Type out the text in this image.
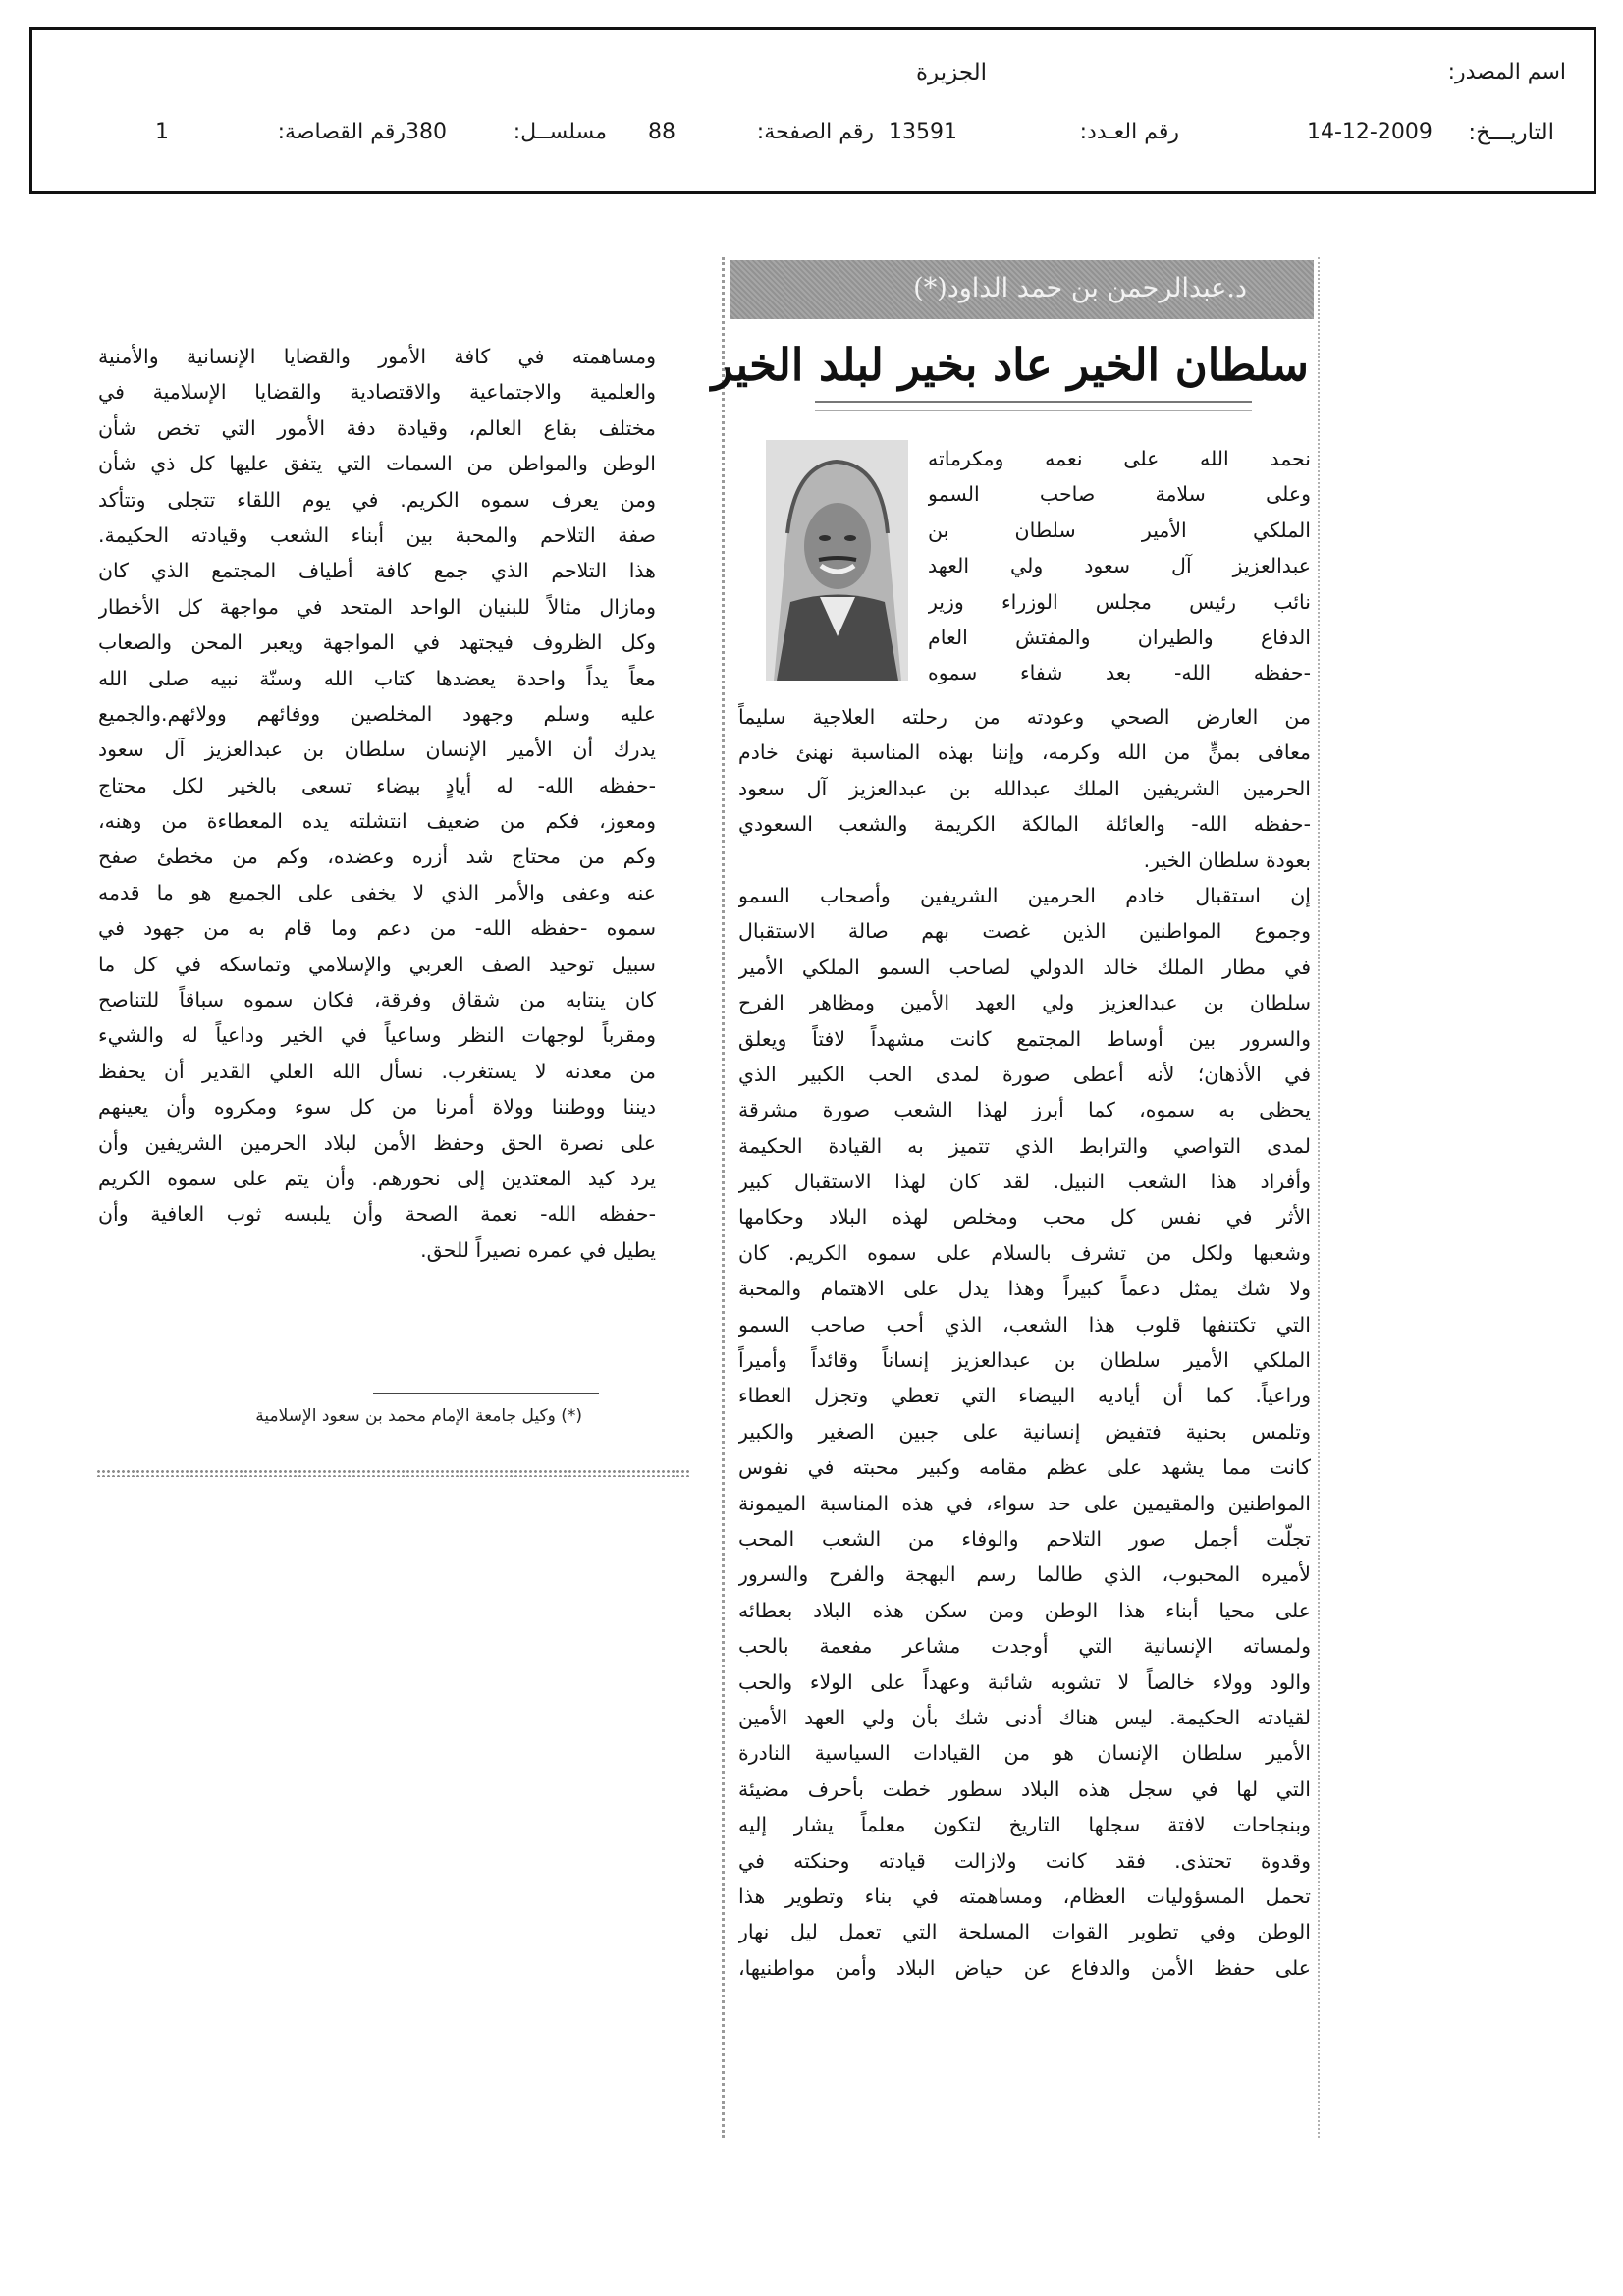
اسم المصدر:
الجزيرة
التاريـــخ:
14-12-2009
رقم العـدد:
13591
رقم الصفحة:
88
مسلســل:
380
رقم القصاصة:
1
د.عبدالرحمن بن حمد الداود(*)
سلطان الخير عاد بخير لبلد الخير
نحمد الله على نعمه ومكرماته
وعلى سلامة صاحب السمو
الملكي الأمير سلطان بن
عبدالعزيز آل سعود ولي العهد
نائب رئيس مجلس الوزراء وزير
الدفاع والطيران والمفتش العام
-حفظه الله- بعد شفاء سموه
من العارض الصحي وعودته من رحلته العلاجية سليماً
معافى بمنٍّ من الله وكرمه، وإننا بهذه المناسبة نهنئ خادم
الحرمين الشريفين الملك عبدالله بن عبدالعزيز آل سعود
-حفظه الله- والعائلة المالكة الكريمة والشعب السعودي
بعودة سلطان الخير.
إن استقبال خادم الحرمين الشريفين وأصحاب السمو
وجموع المواطنين الذين غصت بهم صالة الاستقبال
في مطار الملك خالد الدولي لصاحب السمو الملكي الأمير
سلطان بن عبدالعزيز ولي العهد الأمين ومظاهر الفرح
والسرور بين أوساط المجتمع كانت مشهداً لافتاً ويعلق
في الأذهان؛ لأنه أعطى صورة لمدى الحب الكبير الذي
يحظى به سموه، كما أبرز لهذا الشعب صورة مشرقة
لمدى التواصي والترابط الذي تتميز به القيادة الحكيمة
وأفراد هذا الشعب النبيل. لقد كان لهذا الاستقبال كبير
الأثر في نفس كل محب ومخلص لهذه البلاد وحكامها
وشعبها ولكل من تشرف بالسلام على سموه الكريم. كان
ولا شك يمثل دعماً كبيراً وهذا يدل على الاهتمام والمحبة
التي تكتنفها قلوب هذا الشعب، الذي أحب صاحب السمو
الملكي الأمير سلطان بن عبدالعزيز إنساناً وقائداً وأميراً
وراعياً. كما أن أياديه البيضاء التي تعطي وتجزل العطاء
وتلمس بحنية فتفيض إنسانية على جبين الصغير والكبير
كانت مما يشهد على عظم مقامه وكبير محبته في نفوس
المواطنين والمقيمين على حد سواء، في هذه المناسبة الميمونة
تجلّت أجمل صور التلاحم والوفاء من الشعب المحب
لأميره المحبوب، الذي طالما رسم البهجة والفرح والسرور
على محيا أبناء هذا الوطن ومن سكن هذه البلاد بعطائه
ولمساته الإنسانية التي أوجدت مشاعر مفعمة بالحب
والود وولاء خالصاً لا تشوبه شائبة وعهداً على الولاء والحب
لقيادته الحكيمة. ليس هناك أدنى شك بأن ولي العهد الأمين
الأمير سلطان الإنسان هو من القيادات السياسية النادرة
التي لها في سجل هذه البلاد سطور خطت بأحرف مضيئة
وبنجاحات لافتة سجلها التاريخ لتكون معلماً يشار إليه
وقدوة تحتذى. فقد كانت ولازالت قيادته وحنكته في
تحمل المسؤوليات العظام، ومساهمته في بناء وتطوير هذا
الوطن وفي تطوير القوات المسلحة التي تعمل ليل نهار
على حفظ الأمن والدفاع عن حياض البلاد وأمن مواطنيها،
ومساهمته في كافة الأمور والقضايا الإنسانية والأمنية
والعلمية والاجتماعية والاقتصادية والقضايا الإسلامية في
مختلف بقاع العالم، وقيادة دفة الأمور التي تخص شأن
الوطن والمواطن من السمات التي يتفق عليها كل ذي شأن
ومن يعرف سموه الكريم. في يوم اللقاء تتجلى وتتأكد
صفة التلاحم والمحبة بين أبناء الشعب وقيادته الحكيمة.
هذا التلاحم الذي جمع كافة أطياف المجتمع الذي كان
ومازال مثالاً للبنيان الواحد المتحد في مواجهة كل الأخطار
وكل الظروف فيجتهد في المواجهة ويعبر المحن والصعاب
معاً يداً واحدة يعضدها كتاب الله وسنّة نبيه صلى الله
عليه وسلم وجهود المخلصين ووفائهم وولائهم.والجميع
يدرك أن الأمير الإنسان سلطان بن عبدالعزيز آل سعود
-حفظه الله- له أيادٍ بيضاء تسعى بالخير لكل محتاج
ومعوز، فكم من ضعيف انتشلته يده المعطاءة من وهنه،
وكم من محتاج شد أزره وعضده، وكم من مخطئ صفح
عنه وعفى والأمر الذي لا يخفى على الجميع هو ما قدمه
سموه -حفظه الله- من دعم وما قام به من جهود في
سبيل توحيد الصف العربي والإسلامي وتماسكه في كل ما
كان ينتابه من شقاق وفرقة، فكان سموه سباقاً للتناصح
ومقرباً لوجهات النظر وساعياً في الخير وداعياً له والشيء
من معدنه لا يستغرب. نسأل الله العلي القدير أن يحفظ
ديننا ووطننا وولاة أمرنا من كل سوء ومكروه وأن يعينهم
على نصرة الحق وحفظ الأمن لبلاد الحرمين الشريفين وأن
يرد كيد المعتدين إلى نحورهم. وأن يتم على سموه الكريم
-حفظه الله- نعمة الصحة وأن يلبسه ثوب العافية وأن
يطيل في عمره نصيراً للحق.
(*) وكيل جامعة الإمام محمد بن سعود الإسلامية
